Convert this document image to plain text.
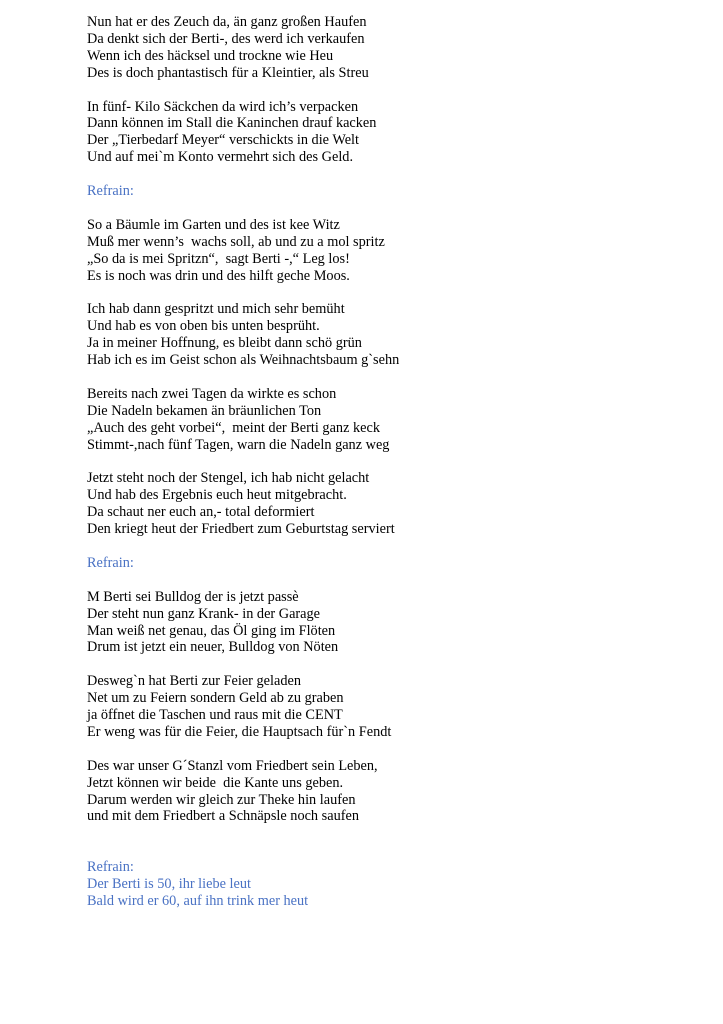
Nun hat er des Zeuch da, än ganz großen Haufen
Da denkt sich der Berti-, des werd ich verkaufen
Wenn ich des häcksel und trockne wie Heu
Des is doch phantastisch für a Kleintier, als Streu
In fünf- Kilo Säckchen da wird ich’s verpacken
Dann können im Stall die Kaninchen drauf kacken
Der „Tierbedarf Meyer“ verschickts in die Welt
Und auf mei`m Konto vermehrt sich des Geld.
Refrain:
So a Bäumle im Garten und des ist kee Witz
Muß mer wenn’s  wachs soll, ab und zu a mol spritz
„So da is mei Spritzn“,  sagt Berti -,“ Leg los!
Es is noch was drin und des hilft geche Moos.
Ich hab dann gespritzt und mich sehr bemüht
Und hab es von oben bis unten besprüht.
Ja in meiner Hoffnung, es bleibt dann schö grün
Hab ich es im Geist schon als Weihnachtsbaum g`sehn
Bereits nach zwei Tagen da wirkte es schon
Die Nadeln bekamen än bräunlichen Ton
„Auch des geht vorbei“,  meint der Berti ganz keck
Stimmt-,nach fünf Tagen, warn die Nadeln ganz weg
Jetzt steht noch der Stengel, ich hab nicht gelacht
Und hab des Ergebnis euch heut mitgebracht.
Da schaut ner euch an,- total deformiert
Den kriegt heut der Friedbert zum Geburtstag serviert
Refrain:
M Berti sei Bulldog der is jetzt passè
Der steht nun ganz Krank- in der Garage
Man weiß net genau, das Öl ging im Flöten
Drum ist jetzt ein neuer, Bulldog von Nöten
Desweg`n hat Berti zur Feier geladen
Net um zu Feiern sondern Geld ab zu graben
ja öffnet die Taschen und raus mit die CENT
Er weng was für die Feier, die Hauptsach für`n Fendt
Des war unser G´Stanzl vom Friedbert sein Leben,
Jetzt können wir beide  die Kante uns geben.
Darum werden wir gleich zur Theke hin laufen
und mit dem Friedbert a Schnäpsle noch saufen
Refrain:
Der Berti is 50, ihr liebe leut
Bald wird er 60, auf ihn trink mer heut
